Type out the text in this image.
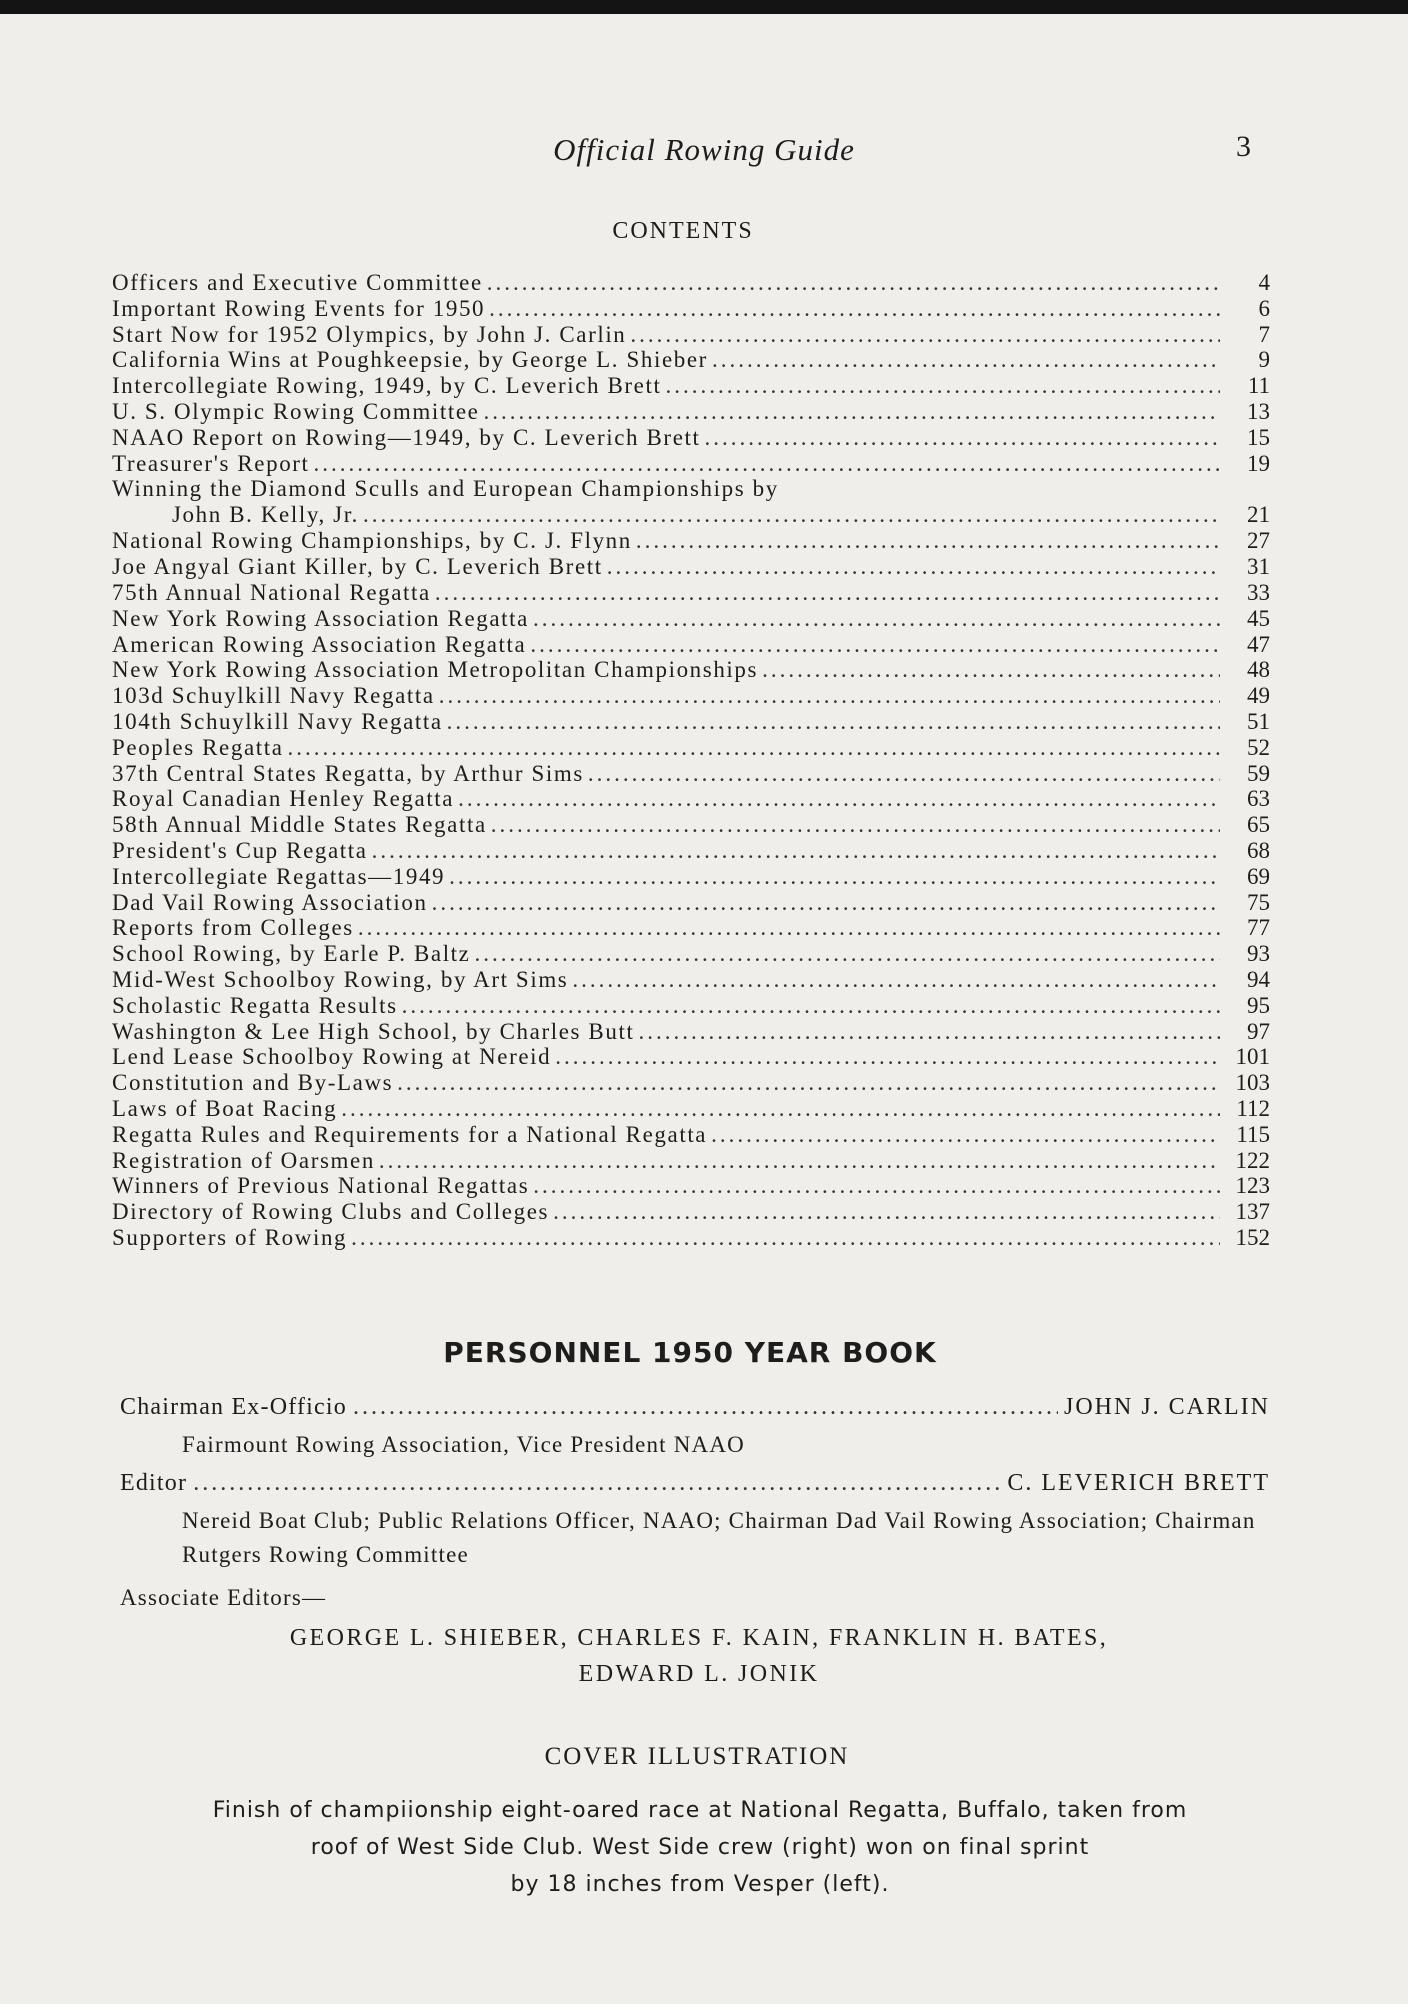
Official Rowing Guide	3
CONTENTS
Officers and Executive Committee .....	4
Important Rowing Events for 1950 .....	6
Start Now for 1952 Olympics, by John J. Carlin .....	7
California Wins at Poughkeepsie, by George L. Shieber .....	9
Intercollegiate Rowing, 1949, by C. Leverich Brett .....	11
U. S. Olympic Rowing Committee .....	13
NAAO Report on Rowing—1949, by C. Leverich Brett .....	15
Treasurer's Report .....	19
Winning the Diamond Sculls and European Championships by
John B. Kelly, Jr. .....	21
National Rowing Championships, by C. J. Flynn .....	27
Joe Angyal Giant Killer, by C. Leverich Brett .....	31
75th Annual National Regatta .....	33
New York Rowing Association Regatta .....	45
American Rowing Association Regatta .....	47
New York Rowing Association Metropolitan Championships .....	48
103d Schuylkill Navy Regatta .....	49
104th Schuylkill Navy Regatta .....	51
Peoples Regatta .....	52
37th Central States Regatta, by Arthur Sims .....	59
Royal Canadian Henley Regatta .....	63
58th Annual Middle States Regatta .....	65
President's Cup Regatta .....	68
Intercollegiate Regattas—1949 .....	69
Dad Vail Rowing Association .....	75
Reports from Colleges .....	77
School Rowing, by Earle P. Baltz .....	93
Mid-West Schoolboy Rowing, by Art Sims .....	94
Scholastic Regatta Results .....	95
Washington & Lee High School, by Charles Butt .....	97
Lend Lease Schoolboy Rowing at Nereid .....	101
Constitution and By-Laws .....	103
Laws of Boat Racing .....	112
Regatta Rules and Requirements for a National Regatta .....	115
Registration of Oarsmen .....	122
Winners of Previous National Regattas .....	123
Directory of Rowing Clubs and Colleges .....	137
Supporters of Rowing .....	152
PERSONNEL 1950 YEAR BOOK
Chairman Ex-Officio .....	JOHN J. CARLIN
Fairmount Rowing Association, Vice President NAAO
Editor .....	C. LEVERICH BRETT
Nereid Boat Club; Public Relations Officer, NAAO; Chairman Dad Vail Rowing Association; Chairman Rutgers Rowing Committee
Associate Editors—
GEORGE L. SHIEBER, CHARLES F. KAIN, FRANKLIN H. BATES,
EDWARD L. JONIK
COVER ILLUSTRATION
Finish of champiionship eight-oared race at National Regatta, Buffalo, taken from
roof of West Side Club. West Side crew (right) won on final sprint
by 18 inches from Vesper (left).
